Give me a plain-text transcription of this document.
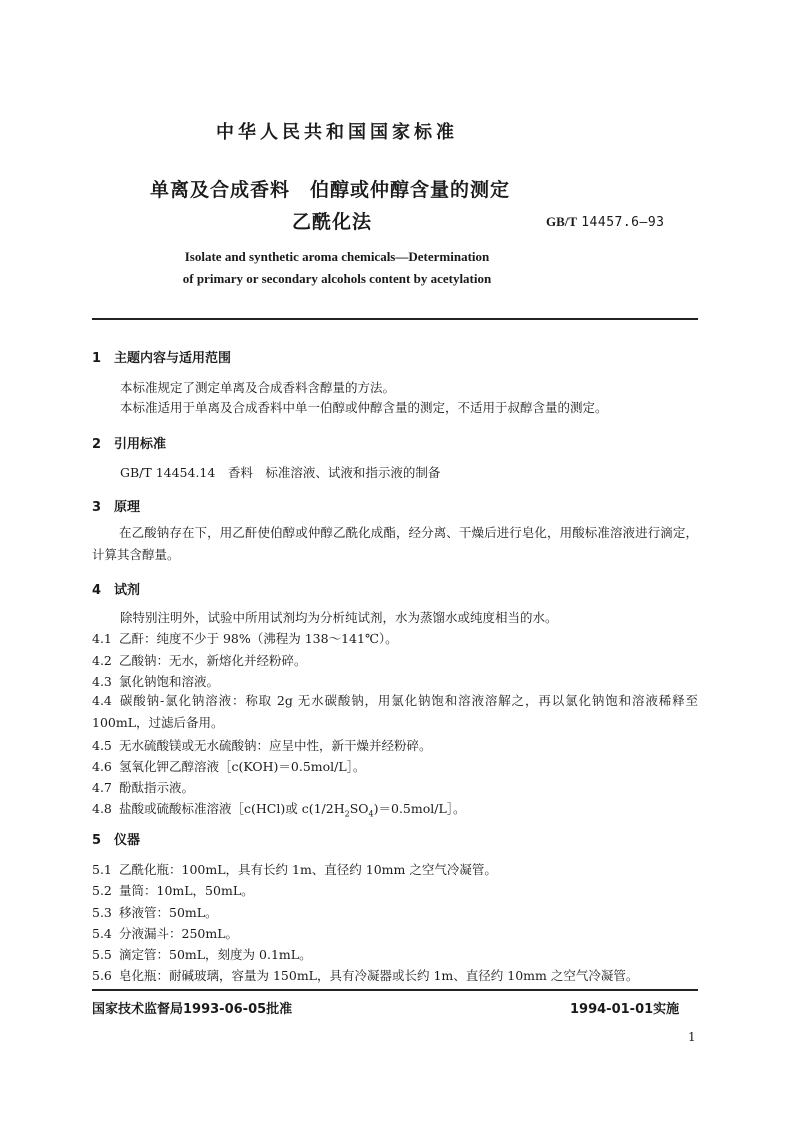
中华人民共和国国家标准
单离及合成香料　伯醇或仲醇含量的测定
乙酰化法	GB/T 14457.6—93
Isolate and synthetic aroma chemicals—Determination
of primary or secondary alcohols content by acetylation
1 主题内容与适用范围
本标准规定了测定单离及合成香料含醇量的方法。
本标准适用于单离及合成香料中单一伯醇或仲醇含量的测定，不适用于叔醇含量的测定。
2 引用标准
GB/T 14454.14　香料　标准溶液、试液和指示液的制备
3 原理
在乙酸钠存在下，用乙酐使伯醇或仲醇乙酰化成酯，经分离、干燥后进行皂化，用酸标准溶液进行滴定，计算其含醇量。
4 试剂
除特别注明外，试验中所用试剂均为分析纯试剂，水为蒸馏水或纯度相当的水。
4.1 乙酐：纯度不少于 98%（沸程为 138～141℃）。
4.2 乙酸钠：无水，新熔化并经粉碎。
4.3 氯化钠饱和溶液。
4.4 碳酸钠-氯化钠溶液：称取 2g 无水碳酸钠，用氯化钠饱和溶液溶解之，再以氯化钠饱和溶液稀释至 100mL，过滤后备用。
4.5 无水硫酸镁或无水硫酸钠：应呈中性，新干燥并经粉碎。
4.6 氢氧化钾乙醇溶液［c(KOH)＝0.5mol/L］。
4.7 酚酞指示液。
4.8 盐酸或硫酸标准溶液［c(HCl)或 $c(1/2H_2SO_4)=0.5mol/L]$。
5 仪器
5.1 乙酰化瓶：100mL，具有长约 1m、直径约 10mm 之空气冷凝管。
5.2 量筒：10mL，50mL。
5.3 移液管：50mL。
5.4 分液漏斗：250mL。
5.5 滴定管：50mL，刻度为 0.1mL。
5.6 皂化瓶：耐碱玻璃，容量为 150mL，具有冷凝器或长约 1m、直径约 10mm 之空气冷凝管。
国家技术监督局1993-06-05批准	1994-01-01实施
1
